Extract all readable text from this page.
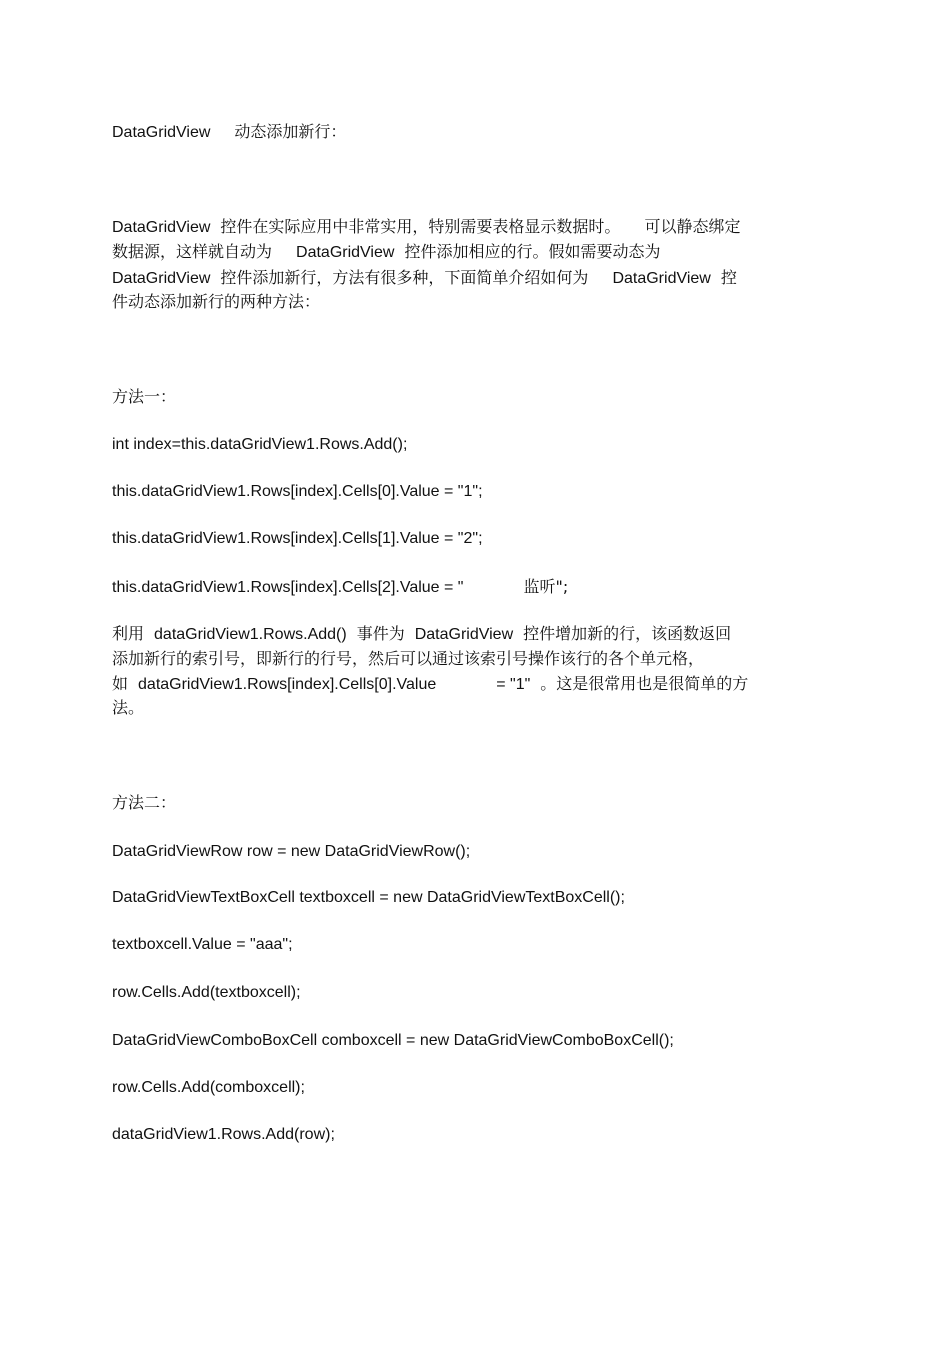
DataGridView 动态添加新行：
DataGridView 控件在实际应用中非常实用，特别需要表格显示数据时。 可以静态绑定
数据源，这样就自动为 DataGridView 控件添加相应的行。假如需要动态为
DataGridView 控件添加新行，方法有很多种，下面简单介绍如何为 DataGridView 控
件动态添加新行的两种方法：
方法一：
int index=this.dataGridView1.Rows.Add();
this.dataGridView1.Rows[index].Cells[0].Value = "1";
this.dataGridView1.Rows[index].Cells[1].Value = "2";
this.dataGridView1.Rows[index].Cells[2].Value = "	监听";
利用 dataGridView1.Rows.Add() 事件为 DataGridView 控件增加新的行，该函数返回
添加新行的索引号，即新行的行号，然后可以通过该索引号操作该行的各个单元格，
如 dataGridView1.Rows[index].Cells[0].Value	= "1" 。这是很常用也是很简单的方
法。
方法二：
DataGridViewRow row = new DataGridViewRow();
DataGridViewTextBoxCell textboxcell = new DataGridViewTextBoxCell();
textboxcell.Value = "aaa";
row.Cells.Add(textboxcell);
DataGridViewComboBoxCell comboxcell = new DataGridViewComboBoxCell();
row.Cells.Add(comboxcell);
dataGridView1.Rows.Add(row);
